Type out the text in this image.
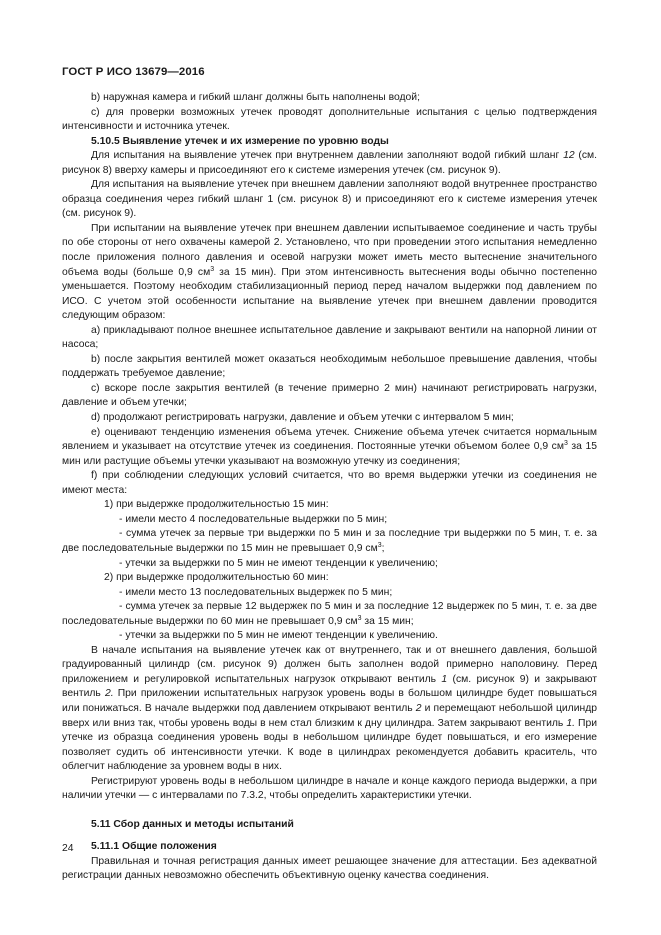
ГОСТ Р ИСО 13679—2016

b) наружная камера и гибкий шланг должны быть наполнены водой;

с) для проверки возможных утечек проводят дополнительные испытания с целью подтверждения интенсивности и источника утечек.

5.10.5 Выявление утечек и их измерение по уровню воды

Для испытания на выявление утечек при внутреннем давлении заполняют водой гибкий шланг 12 (см. рисунок 8) вверху камеры и присоединяют его к системе измерения утечек (см. рисунок 9).

Для испытания на выявление утечек при внешнем давлении заполняют водой внутреннее пространство образца соединения через гибкий шланг 1 (см. рисунок 8) и присоединяют его к системе измерения утечек (см. рисунок 9).

При испытании на выявление утечек при внешнем давлении испытываемое соединение и часть трубы по обе стороны от него охвачены камерой 2. Установлено, что при проведении этого испытания немедленно после приложения полного давления и осевой нагрузки может иметь место вытеснение значительного объема воды (больше 0,9 $см^3$ за 15 мин). При этом интенсивность вытеснения воды обычно постепенно уменьшается. Поэтому необходим стабилизационный период перед началом выдержки под давлением по ИСО. С учетом этой особенности испытание на выявление утечек при внешнем давлении проводится следующим образом:

а) прикладывают полное внешнее испытательное давление и закрывают вентили на напорной линии от насоса;

b) после закрытия вентилей может оказаться необходимым небольшое превышение давления, чтобы поддержать требуемое давление;

с) вскоре после закрытия вентилей (в течение примерно 2 мин) начинают регистрировать нагрузки, давление и объем утечки;

d) продолжают регистрировать нагрузки, давление и объем утечки с интервалом 5 мин;

е) оценивают тенденцию изменения объема утечек. Снижение объема утечек считается нормальным явлением и указывает на отсутствие утечек из соединения. Постоянные утечки объемом более 0,9 $см^3$ за 15 мин или растущие объемы утечки указывают на возможную утечку из соединения;

f) при соблюдении следующих условий считается, что во время выдержки утечки из соединения не имеют места:

1) при выдержке продолжительностью 15 мин:

- имели место 4 последовательные выдержки по 5 мин;

- сумма утечек за первые три выдержки по 5 мин и за последние три выдержки по 5 мин, т. е. за две последовательные выдержки по 15 мин не превышает 0,9 $см^3$;

- утечки за выдержки по 5 мин не имеют тенденции к увеличению;

2) при выдержке продолжительностью 60 мин:

- имели место 13 последовательных выдержек по 5 мин;

- сумма утечек за первые 12 выдержек по 5 мин и за последние 12 выдержек по 5 мин, т. е. за две последовательные выдержки по 60 мин не превышает 0,9 $см^3$ за 15 мин;

- утечки за выдержки по 5 мин не имеют тенденции к увеличению.

В начале испытания на выявление утечек как от внутреннего, так и от внешнего давления, большой градуированный цилиндр (см. рисунок 9) должен быть заполнен водой примерно наполовину. Перед приложением и регулировкой испытательных нагрузок открывают вентиль 1 (см. рисунок 9) и закрывают вентиль 2. При приложении испытательных нагрузок уровень воды в большом цилиндре будет повышаться или понижаться. В начале выдержки под давлением открывают вентиль 2 и перемещают небольшой цилиндр вверх или вниз так, чтобы уровень воды в нем стал близким к дну цилиндра. Затем закрывают вентиль 1. При утечке из образца соединения уровень воды в небольшом цилиндре будет повышаться, и его измерение позволяет судить об интенсивности утечки. К воде в цилиндрах рекомендуется добавить краситель, что облегчит наблюдение за уровнем воды в них.

Регистрируют уровень воды в небольшом цилиндре в начале и конце каждого периода выдержки, а при наличии утечки — с интервалами по 7.3.2, чтобы определить характеристики утечки.

5.11 Сбор данных и методы испытаний

5.11.1 Общие положения

Правильная и точная регистрация данных имеет решающее значение для аттестации. Без адекватной регистрации данных невозможно обеспечить объективную оценку качества соединения.

24
